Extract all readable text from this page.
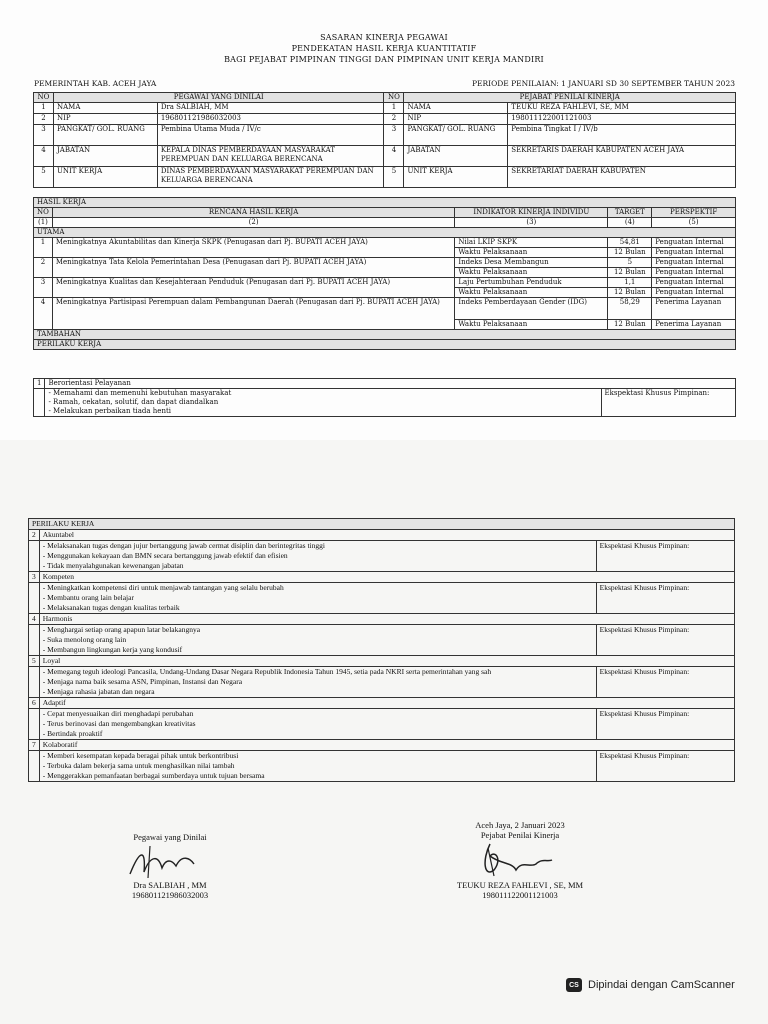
SASARAN KINERJA PEGAWAI
PENDEKATAN HASIL KERJA KUANTITATIF
BAGI PEJABAT PIMPINAN TINGGI DAN PIMPINAN UNIT KERJA MANDIRI
PEMERINTAH KAB. ACEH JAYA	PERIODE PENILAIAN: 1 JANUARI SD 30 SEPTEMBER TAHUN 2023
NO	PEGAWAI YANG DINILAI		NO	PEJABAT PENILAI KINERJA	
1	NAMA	Dra SALBIAH, MM	1	NAMA	TEUKU REZA FAHLEVI, SE, MM
2	NIP	196801121986032003	2	NIP	198011122001121003
3	PANGKAT/ GOL. RUANG	Pembina Utama Muda / IV/c	3	PANGKAT/ GOL. RUANG	Pembina Tingkat I / IV/b
4	JABATAN	KEPALA DINAS PEMBERDAYAAN MASYARAKAT PEREMPUAN DAN KELUARGA BERENCANA	4	JABATAN	SEKRETARIS DAERAH KABUPATEN ACEH JAYA
5	UNIT KERJA	DINAS PEMBERDAYAAN MASYARAKAT PEREMPUAN DAN KELUARGA BERENCANA	5	UNIT KERJA	SEKRETARIAT DAERAH KABUPATEN
HASIL KERJA				
NO	RENCANA HASIL KERJA	INDIKATOR KINERJA INDIVIDU	TARGET	PERSPEKTIF
(1)	(2)	(3)	(4)	(5)
UTAMA				
1	Meningkatnya Akuntabilitas dan Kinerja SKPK (Penugasan dari Pj. BUPATI ACEH JAYA)	Nilai LKIP SKPK	54,81	Penguatan Internal
		Waktu Pelaksanaan	12 Bulan	Penguatan Internal
2	Meningkatnya Tata Kelola Pemerintahan Desa (Penugasan dari Pj. BUPATI ACEH JAYA)	Indeks Desa Membangun	5	Penguatan Internal
		Waktu Pelaksanaan	12 Bulan	Penguatan Internal
3	Meningkatnya Kualitas dan Kesejahteraan Penduduk (Penugasan dari Pj. BUPATI ACEH JAYA)	Laju Pertumbuhan Penduduk	1,1	Penguatan Internal
		Waktu Pelaksanaan	12 Bulan	Penguatan Internal
4	Meningkatnya Partisipasi Perempuan dalam Pembangunan Daerah (Penugasan dari Pj. BUPATI ACEH JAYA)	Indeks Pemberdayaan Gender (IDG)	58,29	Penerima Layanan
		Waktu Pelaksanaan	12 Bulan	Penerima Layanan
TAMBAHAN				
PERILAKU KERJA				
1	Berorientasi Pelayanan	

	- Memahami dan memenuhi kebutuhan masyarakat
- Ramah, cekatan, solutif, dan dapat diandalkan
- Melakukan perbaikan tiada henti	Ekspektasi Khusus Pimpinan:
PERILAKU KERJA		
2	Akuntabel	

	- Melaksanakan tugas dengan jujur bertanggung jawab cermat disiplin dan berintegritas tinggi
- Menggunakan kekayaan dan BMN secara bertanggung jawab efektif dan efisien
- Tidak menyalahgunakan kewenangan jabatan	Ekspektasi Khusus Pimpinan:
3	Kompeten	

	- Meningkatkan kompetensi diri untuk menjawab tantangan yang selalu berubah
- Membantu orang lain belajar
- Melaksanakan tugas dengan kualitas terbaik	Ekspektasi Khusus Pimpinan:
4	Harmonis	

	- Menghargai setiap orang apapun latar belakangnya
- Suka menolong orang lain
- Membangun lingkungan kerja yang kondusif	Ekspektasi Khusus Pimpinan:
5	Loyal	

	- Memegang teguh ideologi Pancasila, Undang-Undang Dasar Negara Republik Indonesia Tahun 1945, setia pada NKRI serta pemerintahan yang sah
- Menjaga nama baik sesama ASN, Pimpinan, Instansi dan Negara
- Menjaga rahasia jabatan dan negara	Ekspektasi Khusus Pimpinan:
6	Adaptif	

	- Cepat menyesuaikan diri menghadapi perubahan
- Terus berinovasi dan mengembangkan kreativitas
- Bertindak proaktif	Ekspektasi Khusus Pimpinan:
7	Kolaboratif	

	- Memberi kesempatan kepada beragai pihak untuk berkontribusi
- Terbuka dalam bekerja sama untuk menghasilkan nilai tambah
- Menggerakkan pemanfaatan berbagai sumberdaya untuk tujuan bersama	Ekspektasi Khusus Pimpinan:
Pegawai yang Dinilai
Dra SALBIAH , MM
196801121986032003
Aceh Jaya, 2 Januari 2023
Pejabat Penilai Kinerja
TEUKU REZA FAHLEVI , SE, MM
198011122001121003
CS Dipindai dengan CamScanner
